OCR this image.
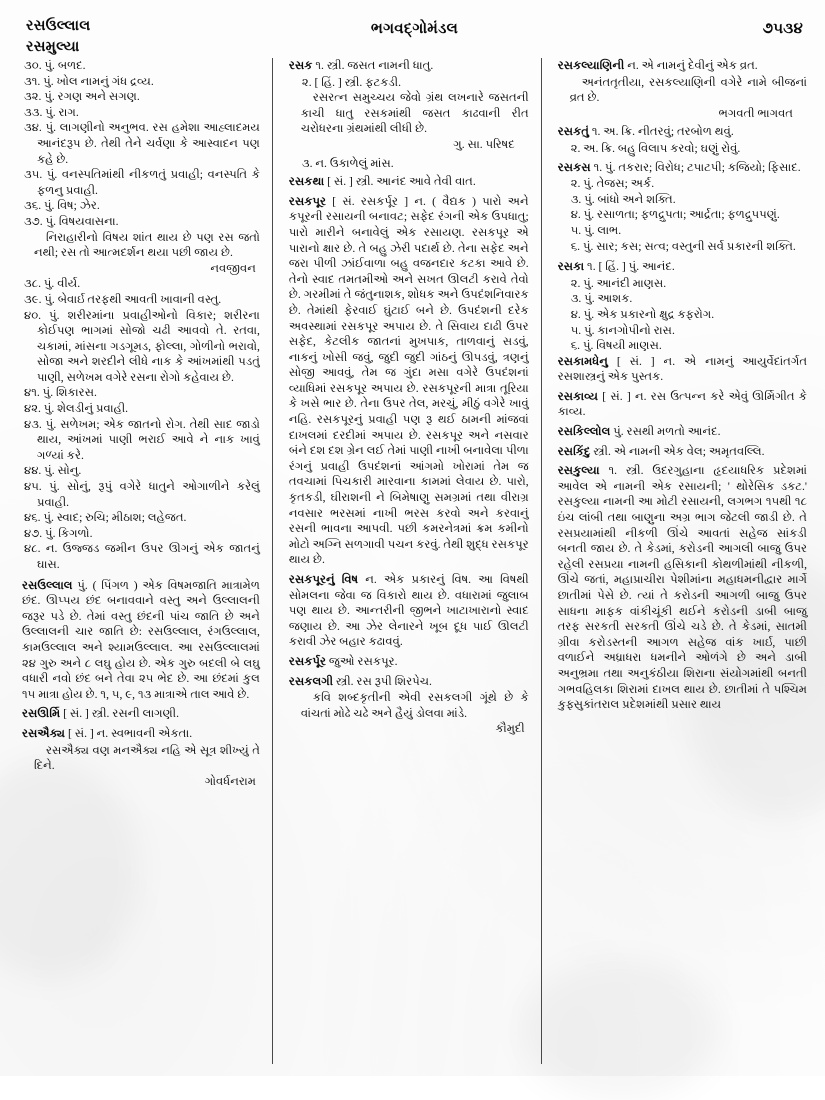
રસઉલ્લાલ
રસમુલ્યા
ભગવદ્ગોમંડલ	૭૫૩૪
૩૦. પું. બળદ.
૩૧. પું. ખોલ નામનું ગંધ દ્રવ્ય.
૩૨. પું. રગણ અને સગણ.
૩૩. પું. રાગ.
૩૪. પું. લાગણીનો અનુભવ. રસ હમેશા આહ્લાદમય આનંદરૂપ છે. તેથી તેને ચર્વણા કે આસ્વાદન પણ કહે છે.
૩૫. પું. વનસ્પતિમાંથી નીકળતું પ્રવાહી; વનસ્પતિ કે ફળનુ પ્રવાહી.
૩૬. પું. વિષ; ઝેર.
૩૭. પું. વિષયવાસના.
નિરાહારીનો વિષય શાંત થાય છે પણ રસ જતો નથી; રસ તો આત્મદર્શન થયા પછી જાય છે.
નવજીવન
૩૮. પું. વીર્ય.
૩૯. પું. બેવાર્ઇ તરફથી આવતી ખાવાની વસ્તુ.
૪૦. પું. શરીરમાંના પ્રવાહીઓનો વિકાર; શરીરના કોઈપણ ભાગમાં સોજો ચઢી આવવો તે. રતવા, ચકામાં, માંસના ગડગૂમડ, ફોલ્લા, ગોળીનો ભરાવો, સોજા અને શરદીને લીધે નાક કે આંખમાંથી પડતું પાણી, સળેખમ વગેરે રસના રોગો કહેવાય છે.
૪૧. પું. શિકારસ.
૪૨. પું. શેલડીનું પ્રવાહી.
૪૩. પું. સળેખમ; એક જાતનો રોગ. તેથી સાદ જાડો થાય, આંખમાં પાણી ભરાઈ આવે ને નાક ખાવું ગળ્યાં કરે.
૪૪. પું. સોનુ.
૪૫. પું. સોનું, રૂપું વગેરે ધાતુને ઓગાળીને કરેલું પ્રવાહી.
૪૬. પું. સ્વાદ; રુચિ; મીઠાશ; લહેજત.
૪૭. પું. કિગળો.
૪૮. ન. ઉજ્જડ જમીન ઉપર ઊગનું એક જાતનું ઘાસ.
રસઉલ્લાલ પું. ( પિંગળ ) એક વિષમજાતિ માત્રામેળ છંદ. ઊપ્પય છંદ બનાવવાને વસ્તુ અને ઉલ્લાલની જરૂર પડે છે. તેમાં વસ્તુ છંદની પાંચ જાતિ છે અને ઉલ્લાલની ચાર જાતિ છે: રસઉલ્લાલ, રંગઉલ્લાલ, કામઉલ્લાલ અને શ્યામઉલ્લાલ. આ રસઉલ્લાલમાં ૨૪ ગુરુ અને ૮ લઘુ હોય છે. એક ગુરુ બદલી બે લઘુ વધારી નવો છંદ બને તેવા ૨૫ ભેદ છે. આ છંદમાં કુલ ૧૫ માત્રા હોય છે. ૧, ૫, ૯, ૧૩ માત્રાએ તાલ આવે છે.
રસઊર્મિ [ સં. ] સ્ત્રી. રસની લાગણી.
રસઐક્ય [ સં. ] ન. સ્વભાવની એકતા.
રસઐક્ય વણ મનઐક્ય નહિ એ સૂત્ર શીખ્યું તે દિને.
ગોવર્ધનરામ
રસક ૧. સ્ત્રી. જસત નામની ધાતુ.
૨. [ હિં. ] સ્ત્રી. ફટકડી.
રસરત્ન સમુચ્ચય જેવો ગ્રંથ લખનારે જસતની કાચી ધાતુ રસકમાંથી જસત કાઢવાની રીત ચરોધરના ગ્રંથમાંથી લીધી છે.
ગુ. સા. પરિષદ
૩. ન. ઉકાળેલું માંસ.
રસકથા [ સં. ] સ્ત્રી. આનંદ આવે તેવી વાત.
રસકપૂર [ સં. રસકર્પૂર ] ન. ( વૈદ્યક ) પારો અને કપૂરની રસાયની બનાવટ; સફેદ રંગની એક ઉપધાતુ; પારો મારીને બનાવેલું એક રસાયણ. રસકપૂર એ પારાનો ક્ષાર છે. તે બહુ ઝેરી પદાર્થ છે. તેના સફેદ અને જરા પીળી ઝાંઈવાળા બહુ વજનદાર કટકા આવે છે. તેનો સ્વાદ તમતમીઓ અને સખત ઊલટી કરાવે તેવો છે. ગરમીમાં તે જંતુનાશક, શોધક અને ઉપદંશનિવારક છે. તેમાંથી ફેરવાઈ ઘુંટાઈ બને છે. ઉપદંશની દરેક અવસ્થામાં રસકપૂર અપાય છે. તે સિવાય દાઢી ઉપર સફેદ, કેટલીક જાતનાં મુખપાક, તાળવાનું સડવું, નાકનું ખોસી જવું, જુદી જુદી ગાંઠનું ઊપડવું, ત્રણનું સોજી આવવું, તેમ જ ગુંદા મસા વગેરે ઉપદંશનાં વ્યાધિમાં રસકપૂર અપાય છે. રસકપૂરની માત્રા તૂરિયા કે ખસે ભાર છે. તેના ઉપર તેલ, મરચું, મીઠું વગેરે ખાવું નહિ. રસકપૂરનું પ્રવાહી પણ રૂ થઈ ઠામની માંજવાં દાખલમાં દરદીમાં અપાય છે. રસકપૂર અને નસવાર બંને દશ દશ ગ્રેન લઈ તેમાં પાણી નાખી બનાવેલા પીળા રંગનું પ્રવાહી ઉપદંશનાં આંગમો ખોરામાં તેમ જ તવચામાં પિચકારી મારવાના કામમાં લેવાય છે. પારો, કૃતકડી, ઘીરાશની ને બિમેષાણુ સમગ્રમાં તથા વીરાગ્ર નવસાર ભરસમાં નાખી ભરસ કરવો અને કરવાનું રસની ભાવના આપવી. પછી કમરનેત્રમાં ક્રમ કમીનો મોટો અગ્નિ સળગાવી પચન કરવું. તેથી શુદ્ધ રસકપૂર થાય છે.
રસકપૂરનું વિષ ન. એક પ્રકારનું વિષ. આ વિષથી સોમલના જેવા જ વિકારો થાય છે. વધારામાં જુલાબ પણ થાય છે. આન્તરીની જીભને ખાટાખારાનો સ્વાદ જણાય છે. આ ઝેર લેનારને ખૂબ દૂધ પાઈ ઊલટી કરાવી ઝેર બહાર કઢાવવું.
રસકર્પૂર જુઓ રસકપૂર.
રસકલગી સ્ત્રી. રસ રૂપી શિરપેચ.
કવિ શબ્દકૃતીની એવી રસકલગી ગૂંથે છે કે વાંચતાં મોઢે ચઢે અને હૈયું ડોલવા માંડે.
કૌમુદી
રસકલ્યાણિની ન. એ નામનું દેવીનું એક વ્રત.
અનંતતૃતીયા, રસકલ્યાણિની વગેરે નામે બીજનાં વ્રત છે.
ભગવતી ભાગવત
રસકતું ૧. અ. ક્રિ. નીતરવું; તરબોળ થવું.
૨. અ. ક્રિ. બહુ વિલાપ કરવો; ઘણું રોવું.
રસકસ ૧. પું. તકરાર; વિરોધ; ટપાટપી; કજિયો; ફિસાદ.
૨. પું. તેજસ; અર્ક.
૩. પું. બાંધો અને શક્તિ.
૪. પું. રસાળતા; ફળદ્રુપતા; આર્દ્રતા; ફળદ્રુપપણું.
૫. પું. લાભ.
૬. પું. સાર; કસ; સત્વ; વસ્તુની સર્વ પ્રકારની શક્તિ.
રસકા ૧. [ હિં. ] પું. આનંદ.
૨. પું. આનંદી માણસ.
૩. પું. આશક.
૪. પું. એક પ્રકારનો ક્ષુદ્ર કફરોગ.
૫. પું. કાનગોપીનો રાસ.
૬. પું. વિષયી માણસ.
રસકામધેનુ [ સં. ] ન. એ નામનું આયુર્વેદાંતર્ગત રસશાસ્ત્રનું એક પુસ્તક.
રસકાવ્ય [ સં. ] ન. રસ ઉત્પન્ન કરે એવું ઊર્મિગીત કે કાવ્ય.
રસકિલ્લોલ પું. રસથી મળતો આનંદ.
રસકિંદુ સ્ત્રી. એ નામની એક વેલ; અમૃતવલ્લિ.
રસકુલ્યા ૧. સ્ત્રી. ઉદરગુહાના હૃદયાધરિક પ્રદેશમાં આવેલ એ નામની એક રસાયની; ' થોરેસિક ડકટ.' રસકુલ્યા નામની આ મોટી રસાયની, લગભગ ૧૫થી ૧૮ ઇંચ લાંબી તથા બાણુના અગ્ર ભાગ જેટલી જાડી છે. તે રસપ્રયામાંથી નીકળી ઊંચે આવતાં સહેજ સાંકડી બનતી જાય છે. તે કેડમાં, કરોડની આગલી બાજુ ઉપર રહેલી રસપ્રયા નામની હસિકાની કોથળીમાંથી નીકળી, ઊંચે જતાં, મહાપ્રાચીરા પેશીમાંના મહાધમનીદ્વાર માર્ગે છાતીમાં પેસે છે. ત્યાં તે કરોડની આગળી બાજુ ઉપર સાધના માફક વાંકીચૂંકી થઈને કરોડની ડાબી બાજુ તરફ સરકતી સરકતી ઊંચે ચડે છે. તે કેડમાં, સાતમી ગ્રીવા કરોડસ્તની આગળ સહેજ વાંક ખાર્ઇ, પાછી વળાઈને અધ્રાધરા ધમનીને ઓળંગે છે અને ડાબી અનુભ્રમા તથા અનુકંઠીયા શિરાના સંયોગમાંથી બનતી ગભવહિલકા શિરામાં દાખલ થાય છે. છાતીમાં તે પશ્ચિમ કુફ્સુકાંતરાલ પ્રદેશમાંથી પ્રસાર થાય
